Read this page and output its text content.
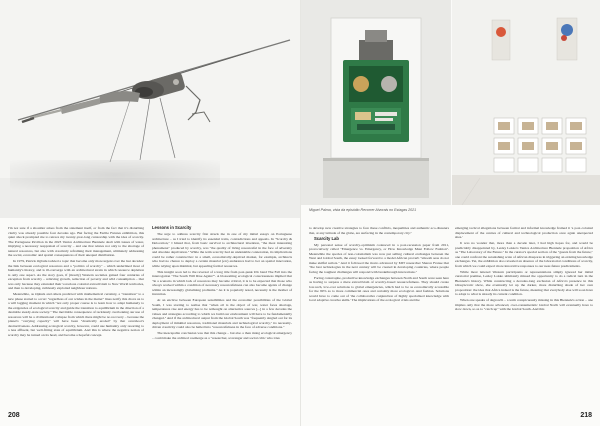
I'm not sure if a shoulder arises from the statement itself, or from the fact that it's disturbing clarity was already possible four decades ago. But facing the Fertile Futures exhibition, this quiet shock prompted me to retrace my twenty-year-long curatorship with the idea of scarcity. The Portuguese Pavilion in the 2023 Venice Architecture Biennale dealt with issues of water, implying a necessary reappraisal of scarcity – and one that relates not only to the shortage of natural resources, but also with creatively reframing their management, ultimately addressing the social, economic and spatial consequences of their unequal distribution.

In 1979, Patrick Ogbulu tackled a topic that become only more urgent over the last decades: the link between ecological resources and a "politics of scarcity" – which underlined most of humanity's history, and is ill-converge with an architectural strain in which resource depletion is only one aspect. As the story goes, if (mostly) Western societies gained four centuries of exception from scarcity – relieving growth, reduction of poverty and wild consumption – that was only because they extended their voracious colonial extractivism to New World territories, and then to developing, ruthlessly exploited neighbour nations.

Meanwhile, as Ophuls and others predicted with mathematical certainty, a "transition" to a new phase started to occur: "regardless of our wishes in the matter" lines notify this drove us to a will lagging moment in which "not only proper course is to learn how to adapt humanely to the exigencies of ecological scarcity and guide the transition to equilibrium in the direction of a desirable steady-state society." The inevitable consequence of recklessly overlooking our use of resources will be a civilizational collapse from which there might be no recovery – because the planet's "carrying capacity" will have been "drastically eroded" by that overshoot's destructiveness. Addressing ecological scarcity, however, could use humanity only resorting to a less affluent, but well-fitting state of equilibrium. And this is where the negative notion of scarcity may be turned on its head, and become a hopeful concept.

Lessons in Scarcity

The urge to address scarcity first struck me in one of my initial essays on Portuguese architecture – as I tried to identify its essential traits, contradictions and appeals. In "Scarcity & Delocation," I hinted that, from basic survival to architectural invention, "the most interesting phenomena" produced by scarcity, was "the quality of living resourceful in the face of adversity and absolute deprivation." While the term scarcity had an undeniable connotation, its implications could be rather constructive: in a small, economically-deprived market, for example, architects who had no chance to deploy a certain material (etc) endurance had to bet on spatial innovation, while relying upon minimal, but appealing formal resources.

This insight soon led to the reversal of a long title from post-punk UK band The Fall into the interrogation "The South Will Rise Again?". A blossoming ecological consciousness implied that "in a scenario in which lack of resources may become critical, it is to be expected that those who always worked within a condition of necessary resourcefulness can also become agents of change within an increasingly globalising problems." As it is popularly noted, necessity is the mother of invention.

At an enclave between European sensibilities and the economic possibilities of the Global South, I was starting to realise that "when oil is the object of war, water faces shortage, temperatures rise and energy has to be rethought on alternative sources [...] in a few decades the values and strategies according to which we build our environment will have to be fundamentally changed." And if the architectural output from the Global South was "frequently singled out for its deployment of minimal resources, traditional materials and technological scarcity," its necessity-driven creativity could also be hailed into "resourcefulness in the face of adverse conditions."

The inescapable conclusion was that this change – but also a then rising ecological emergency – could make the architect reemerge as a "researcher, scavenger and social critic who tries

208
Miguel Palma, vista da episódio Recorrer Alvorais no Estagas 2021

to develop new creative strategies to face these conflicts, inequalities and authentic eco-disasters that, at any latitude of the globe, are surfacing in the contemporary city."

Scarcity Lab

My personal sense of scarcity-optimism coalesced in a post-recession paper from 2011, provocatively called "Emergence vs. Emergency, or How Knowledge Must Follow Fashion". Meanwhile the species of non-colonialism was now put selling cultural exchanges between the West and Global South, the essay looked forward to a model African proverb "smooth seas do not make skilful sailors." And it followed the motto advanced by MIT researcher Sharon Franse that "the best technologies in the next century will be created in developing countries, where people facing the toughest challenges will respond with breakthrough innovations."

Facing catastrophe, productive knowledge exchanges between North and South were seen here as having to surpass a mere extractivism of scarcity-based resourcefulness. They should create low-tech, low-cost solutions to global emergencies, which had to be as economically accessible for the 99% as to more commercial ones and certainly more ecological. And fashion. Solutions would have to come out of 'the collaborative conjunction of highly specialised knowledge with local adaptive creative skills.' The implications of the ecological crisis and the

emerging tactical allegations between formal and informal knowledge framed it 'a post-colonial displacement of the centres of cultural and technological production once again unexpected sites.'

It was no wonder that, more than a decade later, I had high hopes for, and would be predictably disappointed by, Lesley Lokko's Venice Architecture Biennale proposition of Africa as "The Laboratory of the Future." In the curator's special section of the "guests from the future," one could confront the astonishing scale of African diasporas in triggering an existing knowledge exchanges. Yet, the exhibition also revealed an absence of the laboratorial conditions of scarcity, from which we could expect more innovative responses to our near-future predicaments.

While most lettered Western participants or representations simply ignored her initial curatorial premise, Lesley Lokko ultimately missed the opportunity to do a radical turn in the Biennale's history. While constructing a decades-long exclusion of Africa's presence in this idiosyncratic show, she eventually let up the darker, more disturbing shade of her own proposition: the idea that Africa indeed is the future, meaning that everybody else will soon have to adapt to what is already its current condition.

When one speaks of degrowth – a term conspicuously missing in this Biennale's action – one implies only that the more advanced, over-consumeristic Global North will eventually have to slow down, so as to "catch up" with the Global South. And this

218
